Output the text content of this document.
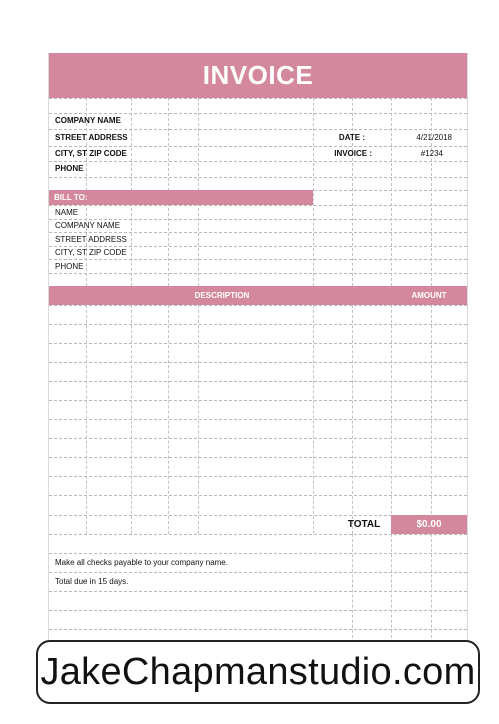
INVOICE
COMPANY NAME
STREET ADDRESS
CITY, ST ZIP CODE
PHONE
DATE :	4/21/2018
INVOICE :	#1234
BILL TO:
NAME
COMPANY NAME
STREET ADDRESS
CITY, ST ZIP CODE
PHONE
DESCRIPTION	AMOUNT
TOTAL	$0.00
Make all checks payable to your company name.
Total due in 15 days.
JakeChapmanstudio.com
